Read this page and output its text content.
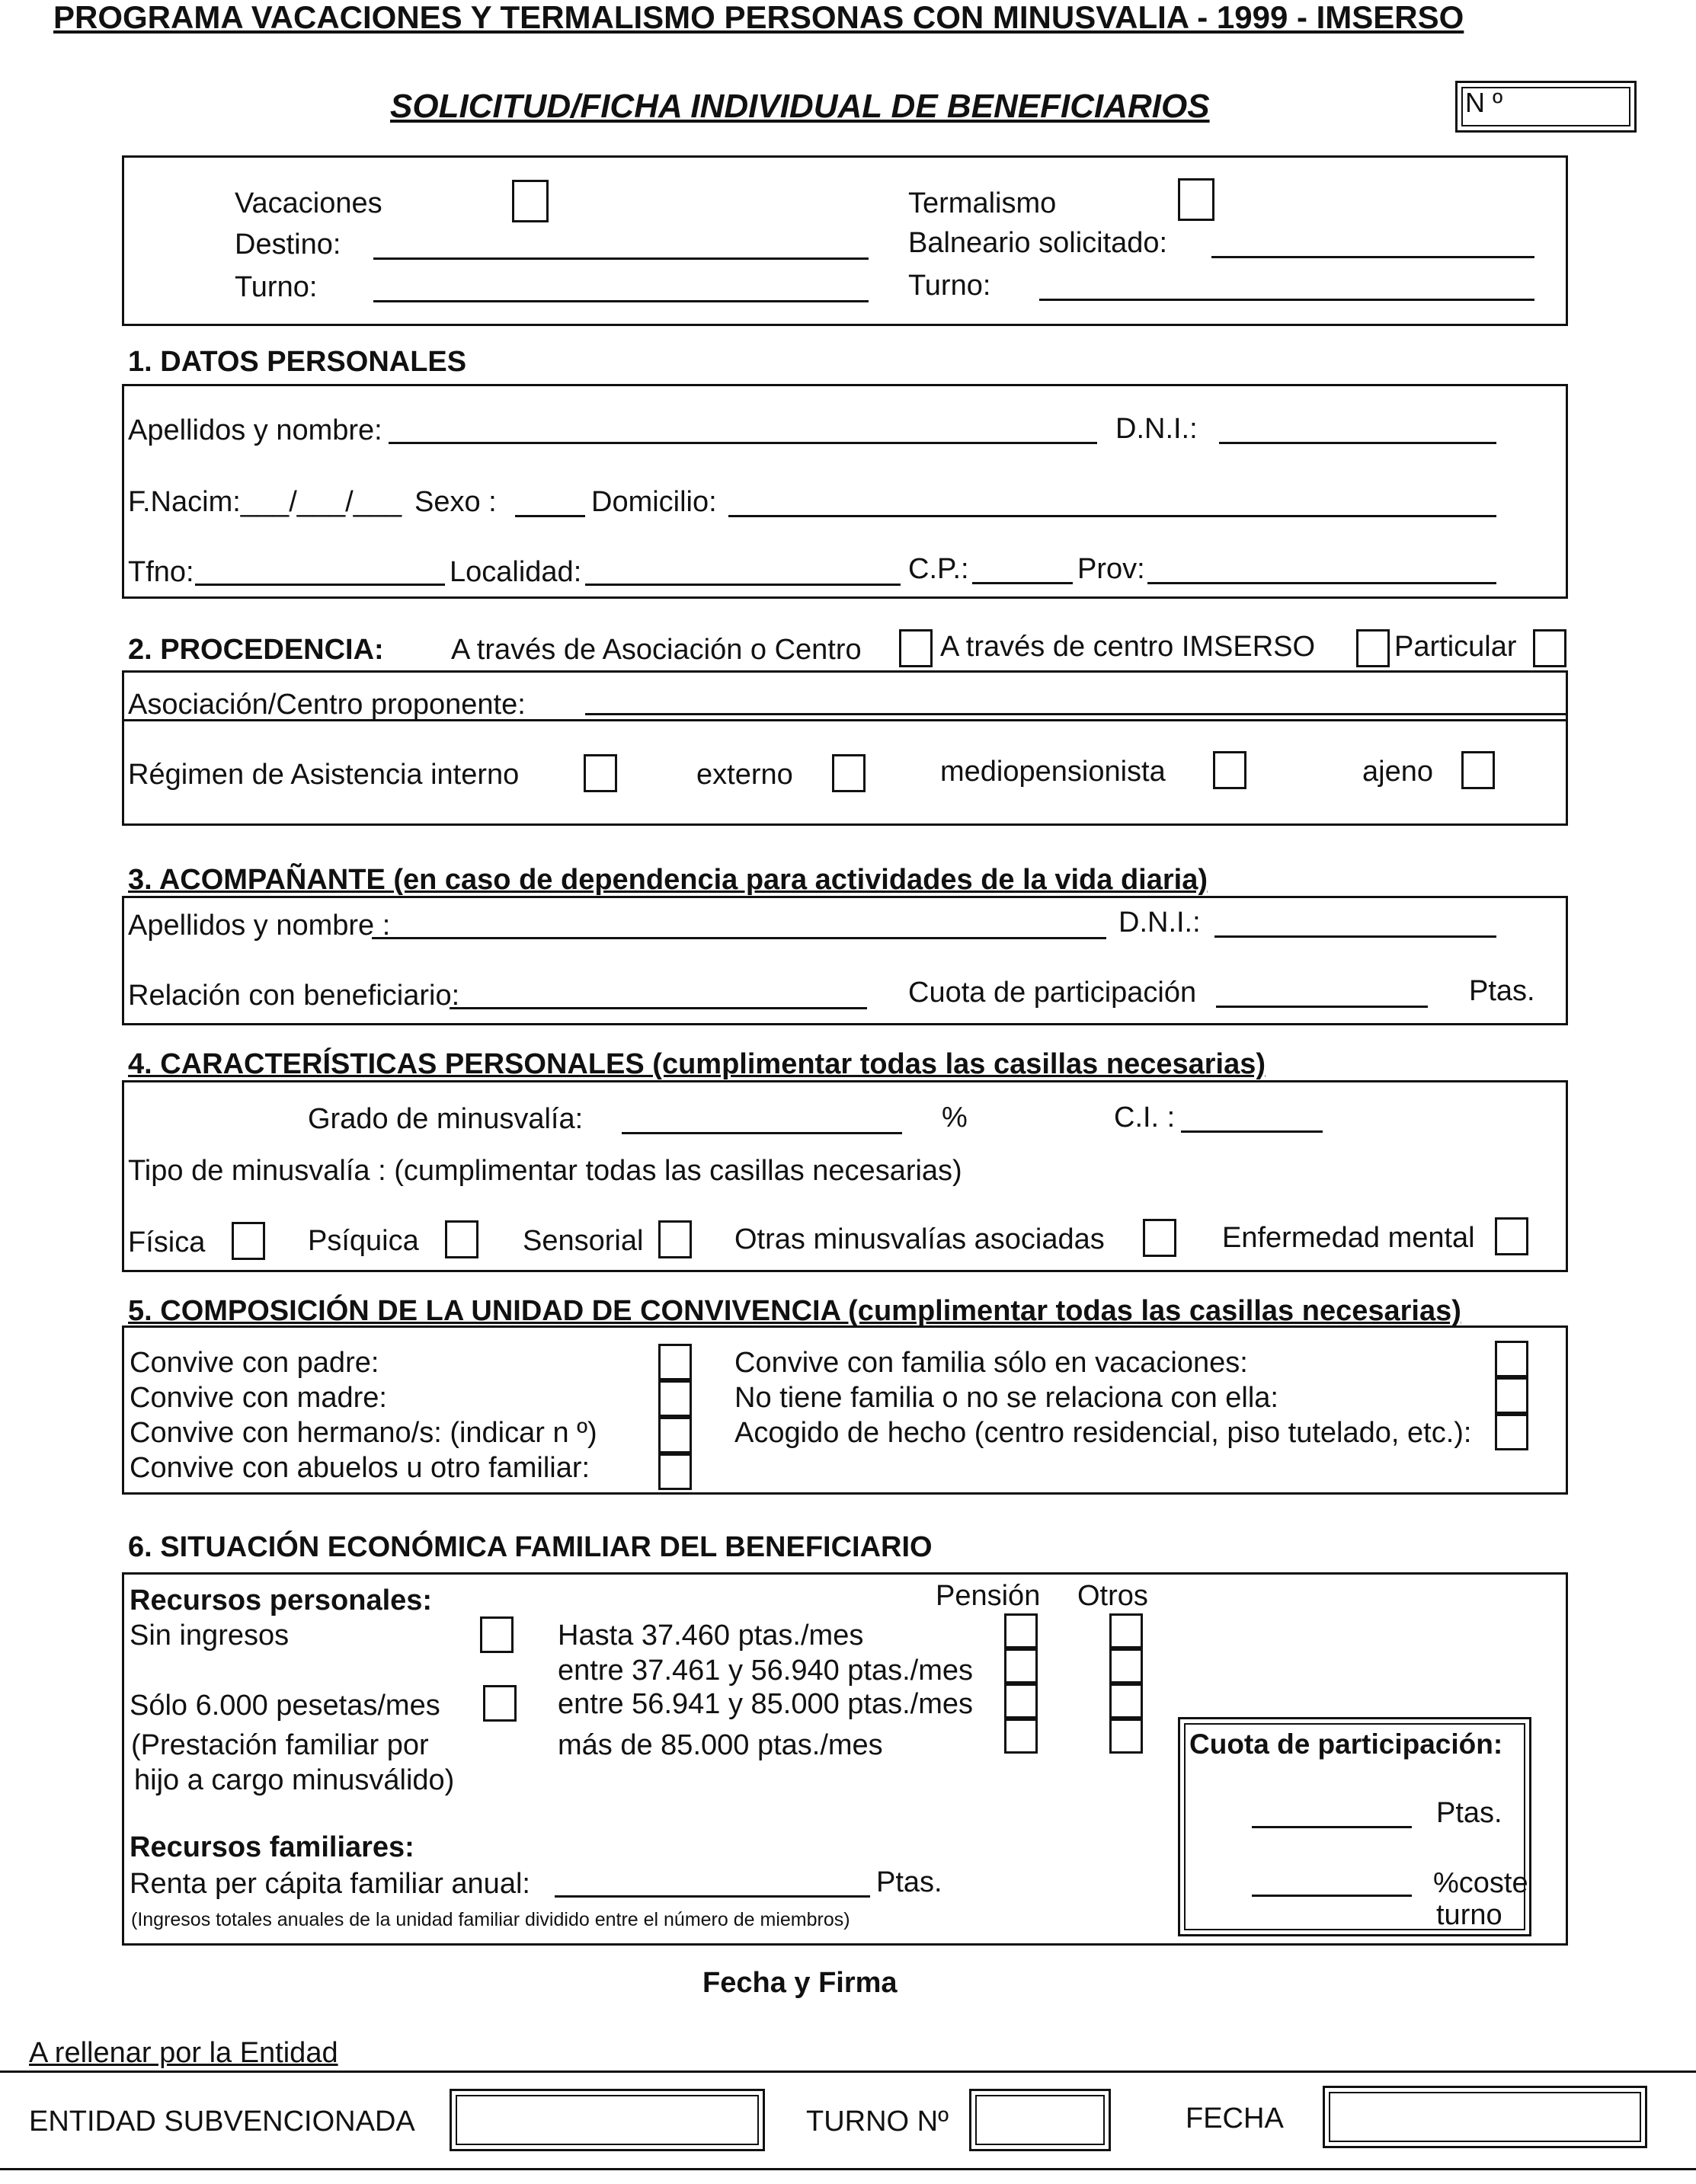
PROGRAMA VACACIONES Y TERMALISMO PERSONAS CON MINUSVALIA - 1999 - IMSERSO
SOLICITUD/FICHA INDIVIDUAL DE BENEFICIARIOS	N º
Vacaciones
Destino:
Turno:
Termalismo
Balneario solicitado:
Turno:
1. DATOS PERSONALES
Apellidos y nombre:	D.N.I.:
F.Nacim:___/___/___ Sexo :	Domicilio:
Tfno:	Localidad:	C.P.:	Prov:
2. PROCEDENCIA: A través de Asociación o Centro	A través de centro IMSERSO	Particular
Asociación/Centro proponente:
Régimen de Asistencia interno	externo	mediopensionista	ajeno
3. ACOMPAÑANTE (en caso de dependencia para actividades de la vida diaria)
Apellidos y nombre :	D.N.I.:
Relación con beneficiario:	Cuota de participación	Ptas.
4. CARACTERÍSTICAS PERSONALES (cumplimentar todas las casillas necesarias)
Grado de minusvalía:	%	C.I. :
Tipo de minusvalía : (cumplimentar todas las casillas necesarias)
Física	Psíquica	Sensorial	Otras minusvalías asociadas	Enfermedad mental
5. COMPOSICIÓN DE LA UNIDAD DE CONVIVENCIA (cumplimentar todas las casillas necesarias)
Convive con padre:
Convive con madre:
Convive con hermano/s: (indicar n º)
Convive con abuelos u otro familiar:
Convive con familia sólo en vacaciones:
No tiene familia o no se relaciona con ella:
Acogido de hecho (centro residencial, piso tutelado, etc.):
6. SITUACIÓN ECONÓMICA FAMILIAR DEL BENEFICIARIO
Recursos personales:	Pensión Otros
Sin ingresos
Sólo 6.000 pesetas/mes
(Prestación familiar por
hijo a cargo minusválido)
Hasta 37.460 ptas./mes
entre 37.461 y 56.940 ptas./mes
entre 56.941 y 85.000 ptas./mes
más de 85.000 ptas./mes	Cuota de participación:
Ptas.
%coste
turno
Recursos familiares:
Renta per cápita familiar anual:	Ptas.
(Ingresos totales anuales de la unidad familiar dividido entre el número de miembros)
Fecha y Firma
A rellenar por la Entidad
ENTIDAD SUBVENCIONADA	TURNO Nº	FECHA
